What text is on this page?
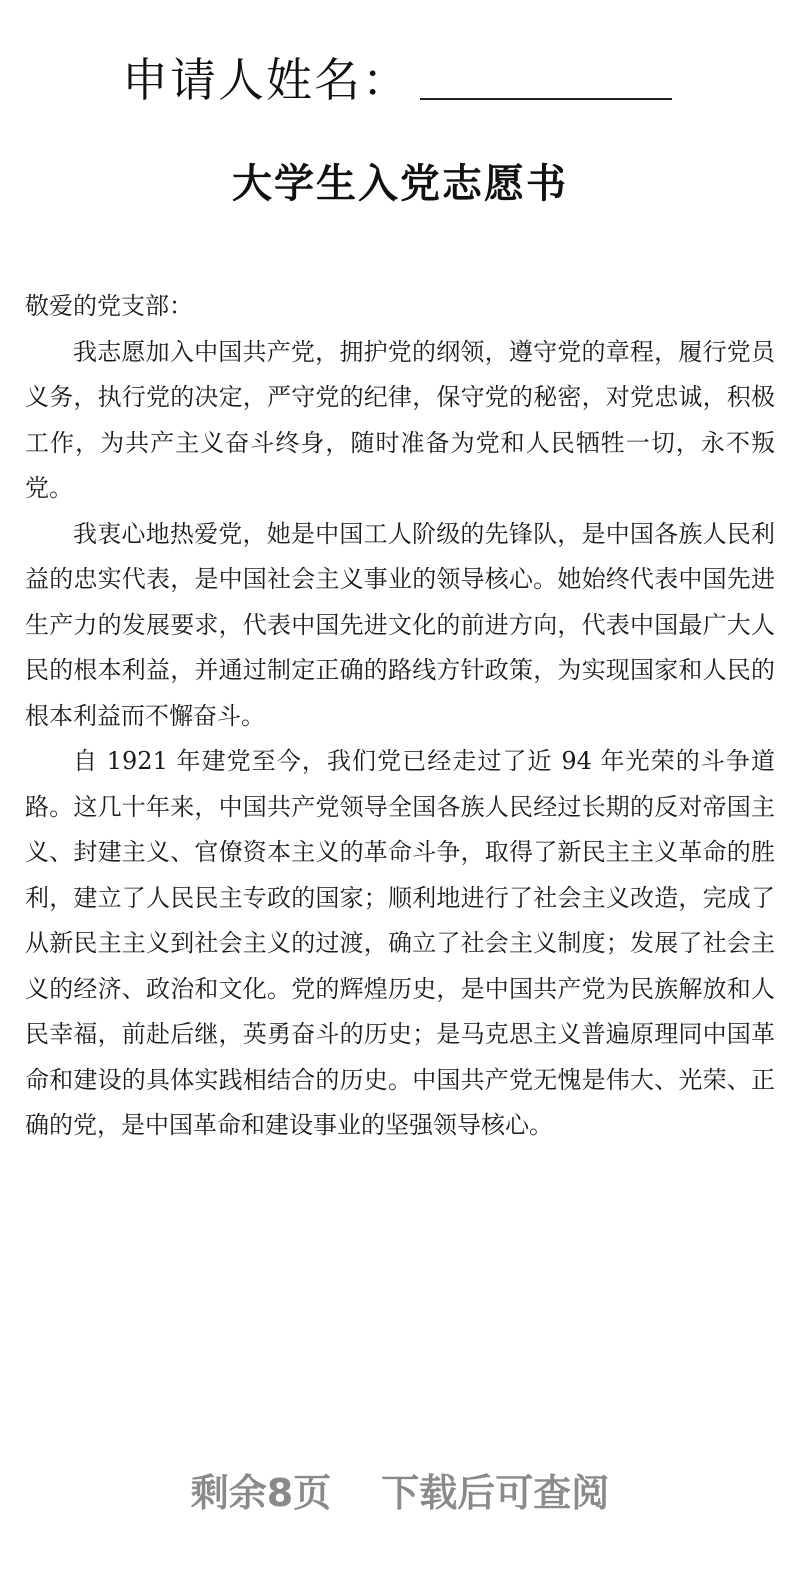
申请人姓名：
大学生入党志愿书

敬爱的党支部：

我志愿加入中国共产党，拥护党的纲领，遵守党的章程，履行党员义务，执行党的决定，严守党的纪律，保守党的秘密，对党忠诚，积极工作，为共产主义奋斗终身，随时准备为党和人民牺牲一切，永不叛党。

我衷心地热爱党，她是中国工人阶级的先锋队，是中国各族人民利益的忠实代表，是中国社会主义事业的领导核心。她始终代表中国先进生产力的发展要求，代表中国先进文化的前进方向，代表中国最广大人民的根本利益，并通过制定正确的路线方针政策，为实现国家和人民的根本利益而不懈奋斗。

自 1921 年建党至今，我们党已经走过了近 94 年光荣的斗争道路。这几十年来，中国共产党领导全国各族人民经过长期的反对帝国主义、封建主义、官僚资本主义的革命斗争，取得了新民主主义革命的胜利，建立了人民民主专政的国家；顺利地进行了社会主义改造，完成了从新民主主义到社会主义的过渡，确立了社会主义制度；发展了社会主义的经济、政治和文化。党的辉煌历史，是中国共产党为民族解放和人民幸福，前赴后继，英勇奋斗的历史；是马克思主义普遍原理同中国革命和建设的具体实践相结合的历史。中国共产党无愧是伟大、光荣、正确的党，是中国革命和建设事业的坚强领导核心。

剩余8页 下载后可查阅
